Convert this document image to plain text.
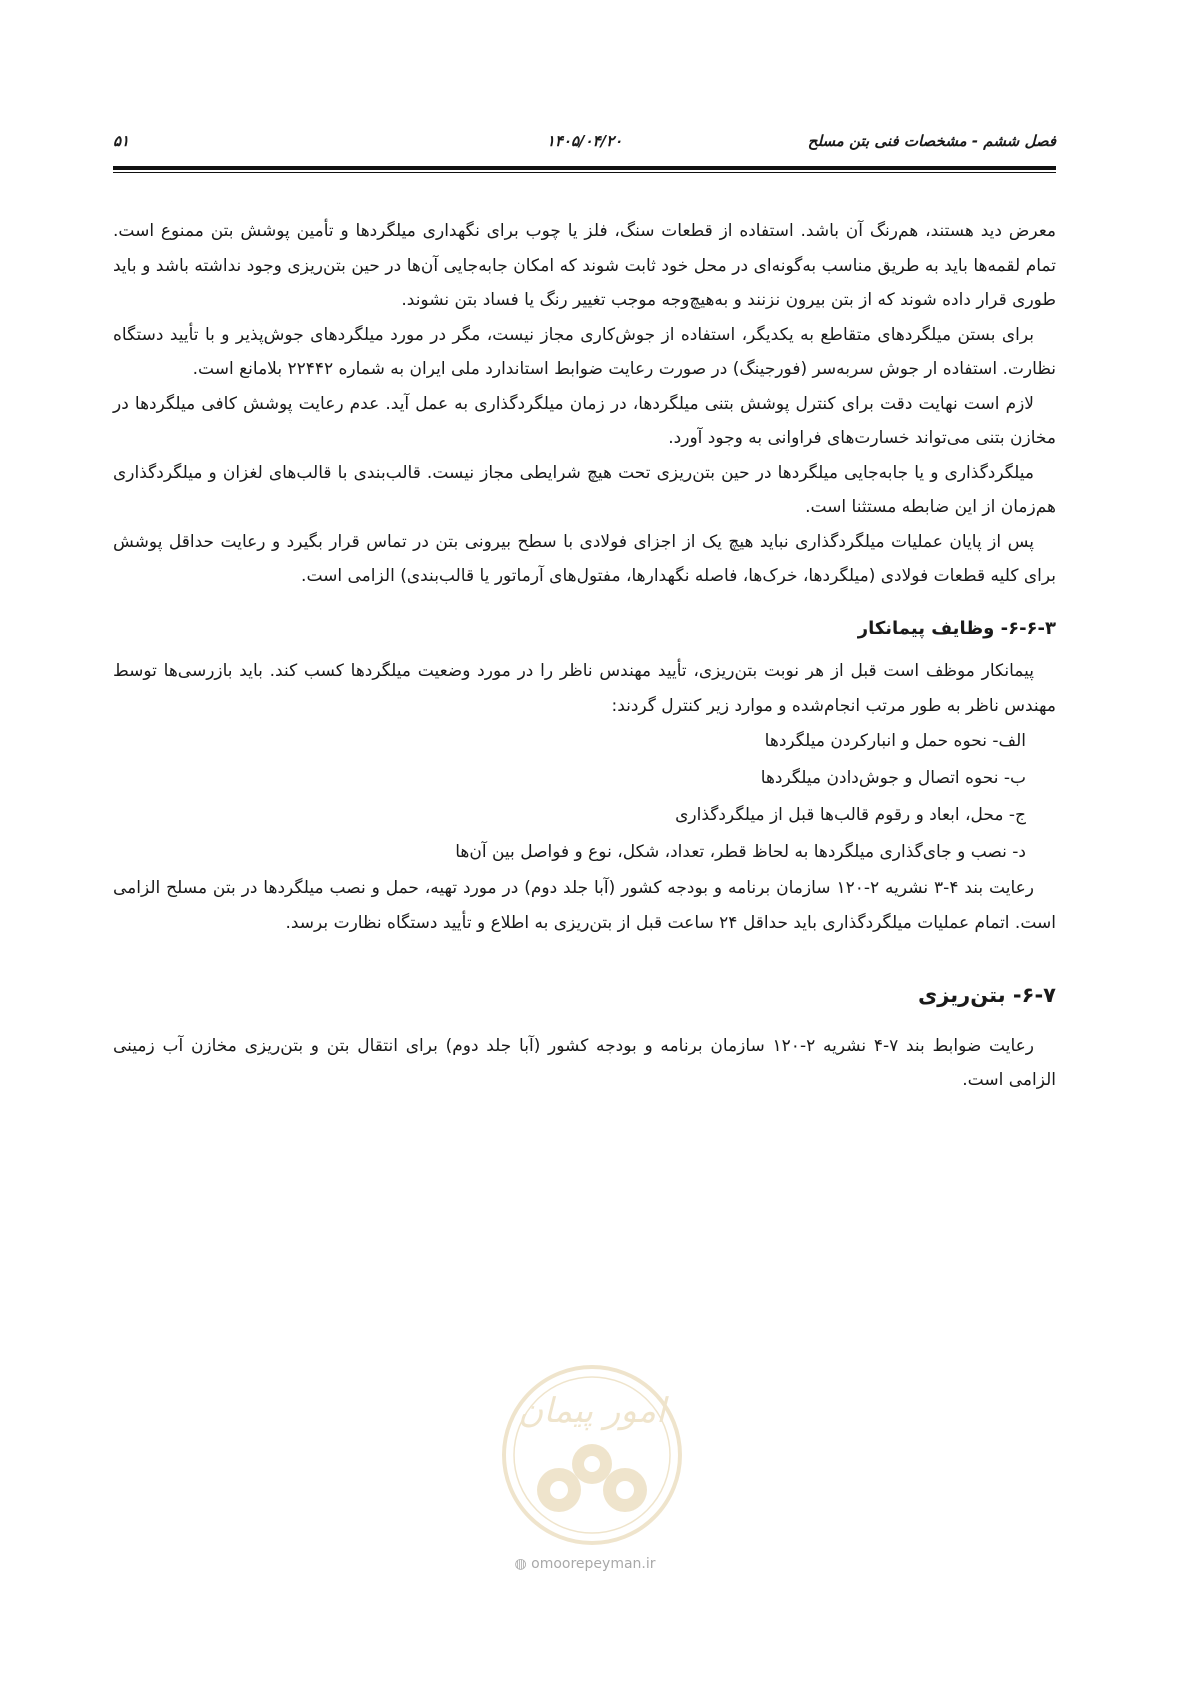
فصل ششم - مشخصات فنی بتن مسلح
۱۴۰۵/۰۴/۲۰
۵۱

معرض دید هستند، هم‌رنگ آن باشد. استفاده از قطعات سنگ، فلز یا چوب برای نگهداری میلگردها و تأمین پوشش بتن ممنوع است. تمام لقمه‌ها باید به طریق مناسب به‌گونه‌ای در محل خود ثابت شوند که امکان جابه‌جایی آن‌ها در حین بتن‌ریزی وجود نداشته باشد و باید طوری قرار داده شوند که از بتن بیرون نزنند و به‌هیچ‌وجه موجب تغییر رنگ یا فساد بتن نشوند.

برای بستن میلگردهای متقاطع به یکدیگر، استفاده از جوش‌کاری مجاز نیست، مگر در مورد میلگردهای جوش‌پذیر و با تأیید دستگاه نظارت. استفاده ار جوش سربه‌سر (فورجینگ) در صورت رعایت ضوابط استاندارد ملی ایران به شماره ۲۲۴۴۲ بلامانع است.

لازم است نهایت دقت برای کنترل پوشش بتنی میلگردها، در زمان میلگردگذاری به عمل آید. عدم رعایت پوشش کافی میلگردها در مخازن بتنی می‌تواند خسارت‌های فراوانی به وجود آورد.

میلگردگذاری و یا جابه‌جایی میلگردها در حین بتن‌ریزی تحت هیچ شرایطی مجاز نیست. قالب‌بندی با قالب‌های لغزان و میلگردگذاری هم‌زمان از این ضابطه مستثنا است.

پس از پایان عملیات میلگردگذاری نباید هیچ یک از اجزای فولادی با سطح بیرونی بتن در تماس قرار بگیرد و رعایت حداقل پوشش برای کلیه قطعات فولادی (میلگردها، خرک‌ها، فاصله نگهدارها، مفتول‌های آرماتور یا قالب‌بندی) الزامی است.

۶-۶-۳- وظایف پیمانکار

پیمانکار موظف است قبل از هر نوبت بتن‌ریزی، تأیید مهندس ناظر را در مورد وضعیت میلگردها کسب کند. باید بازرسی‌ها توسط مهندس ناظر به طور مرتب انجام‌شده و موارد زیر کنترل گردند:

الف- نحوه حمل و انبارکردن میلگردها
ب- نحوه اتصال و جوش‌دادن میلگردها
ج- محل، ابعاد و رقوم قالب‌ها قبل از میلگردگذاری
د- نصب و جای‌گذاری میلگردها به لحاظ قطر، تعداد، شکل، نوع و فواصل بین آن‌ها

رعایت بند ۴-۳ نشریه ۲-۱۲۰ سازمان برنامه و بودجه کشور (آبا جلد دوم) در مورد تهیه، حمل و نصب میلگردها در بتن مسلح الزامی است. اتمام عملیات میلگردگذاری باید حداقل ۲۴ ساعت قبل از بتن‌ریزی به اطلاع و تأیید دستگاه نظارت برسد.

۶-۷- بتن‌ریزی

رعایت ضوابط بند ۷-۴ نشریه ۲-۱۲۰ سازمان برنامه و بودجه کشور (آبا جلد دوم) برای انتقال بتن و بتن‌ریزی مخازن آب زمینی الزامی است.

امور پیمان
◍ omoorepeyman.ir
